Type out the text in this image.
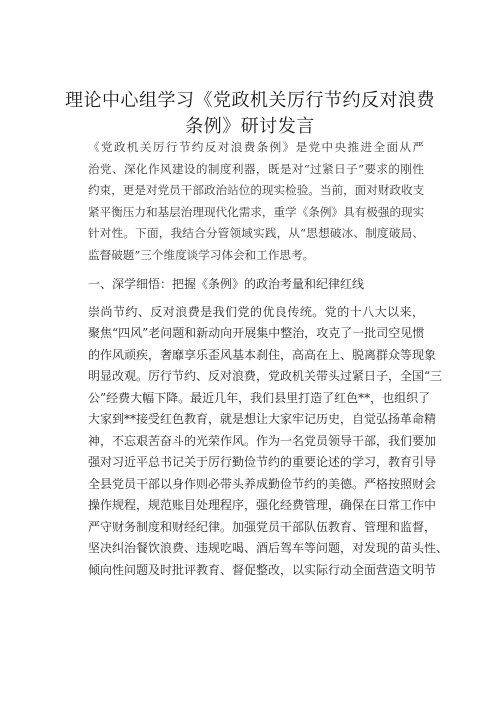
理论中心组学习《党政机关厉行节约反对浪费
条例》研讨发言
《党政机关厉行节约反对浪费条例》是党中央推进全面从严
治党、深化作风建设的制度利器，既是对“过紧日子”要求的刚性
约束，更是对党员干部政治站位的现实检验。当前，面对财政收支
紧平衡压力和基层治理现代化需求，重学《条例》具有极强的现实
针对性。下面，我结合分管领域实践，从“思想破冰、制度破局、
监督破题”三个维度谈学习体会和工作思考。
一、深学细悟：把握《条例》的政治考量和纪律红线
崇尚节约、反对浪费是我们党的优良传统。党的十八大以来，
聚焦“四风”老问题和新动向开展集中整治，攻克了一批司空见惯
的作风顽疾，奢靡享乐歪风基本刹住，高高在上、脱离群众等现象
明显改观。厉行节约、反对浪费，党政机关带头过紧日子，全国“三
公”经费大幅下降。最近几年，我们县里打造了红色**，也组织了
大家到**接受红色教育，就是想让大家牢记历史，自觉弘扬革命精
神，不忘艰苦奋斗的光荣作风。作为一名党员领导干部，我们要加
强对习近平总书记关于厉行勤俭节约的重要论述的学习，教育引导
全县党员干部以身作则必带头养成勤俭节约的美德。严格按照财会
操作规程，规范账目处理程序，强化经费管理，确保在日常工作中
严守财务制度和财经纪律。加强党员干部队伍教育、管理和监督，
坚决纠治餐饮浪费、违规吃喝、酒后驾车等问题，对发现的苗头性、
倾向性问题及时批评教育、督促整改，以实际行动全面营造文明节
